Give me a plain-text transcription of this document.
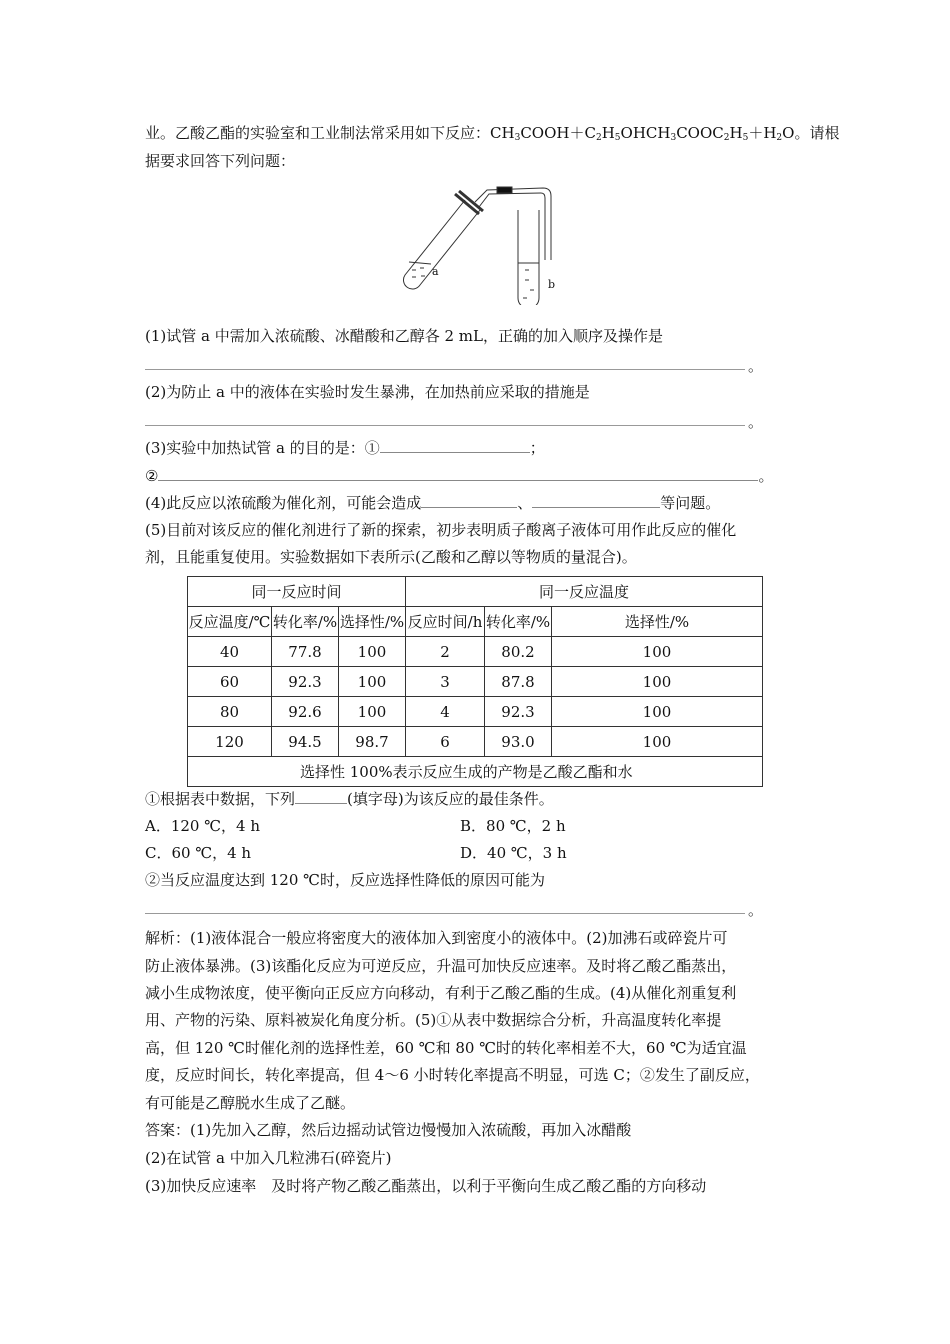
业。乙酸乙酯的实验室和工业制法常采用如下反应：$CH_3COOH+C_2H_5OHCH_3COOC_2H_5+H_2O$。请根
据要求回答下列问题：
a
b
(1)试管 a 中需加入浓硫酸、冰醋酸和乙醇各 2 mL，正确的加入顺序及操作是
。
(2)为防止 a 中的液体在实验时发生暴沸，在加热前应采取的措施是
。
(3)实验中加热试管 a 的目的是：①	；
②	。
(4)此反应以浓硫酸为催化剂，可能会造成	、	等问题。
(5)目前对该反应的催化剂进行了新的探索，初步表明质子酸离子液体可用作此反应的催化
剂，且能重复使用。实验数据如下表所示(乙酸和乙醇以等物质的量混合)。
同一反应时间			同一反应温度		
反应温度/℃	转化率/%	选择性/%	反应时间/h	转化率/%	选择性/%
40	77.8	100	2	80.2	100
60	92.3	100	3	87.8	100
80	92.6	100	4	92.3	100
120	94.5	98.7	6	93.0	100
选择性 100%表示反应生成的产物是乙酸乙酯和水					
①根据表中数据，下列	(填字母)为该反应的最佳条件。
A．120 ℃，4 h	B．80 ℃，2 h
C．60 ℃，4 h	D．40 ℃，3 h
②当反应温度达到 120 ℃时，反应选择性降低的原因可能为
。
解析：(1)液体混合一般应将密度大的液体加入到密度小的液体中。(2)加沸石或碎瓷片可
防止液体暴沸。(3)该酯化反应为可逆反应，升温可加快反应速率。及时将乙酸乙酯蒸出，
减小生成物浓度，使平衡向正反应方向移动，有利于乙酸乙酯的生成。(4)从催化剂重复利
用、产物的污染、原料被炭化角度分析。(5)①从表中数据综合分析，升高温度转化率提
高，但 120 ℃时催化剂的选择性差，60 ℃和 80 ℃时的转化率相差不大，60 ℃为适宜温
度，反应时间长，转化率提高，但 4～6 小时转化率提高不明显，可选 C；②发生了副反应，
有可能是乙醇脱水生成了乙醚。
答案：(1)先加入乙醇，然后边摇动试管边慢慢加入浓硫酸，再加入冰醋酸
(2)在试管 a 中加入几粒沸石(碎瓷片)
(3)加快反应速率　及时将产物乙酸乙酯蒸出，以利于平衡向生成乙酸乙酯的方向移动
